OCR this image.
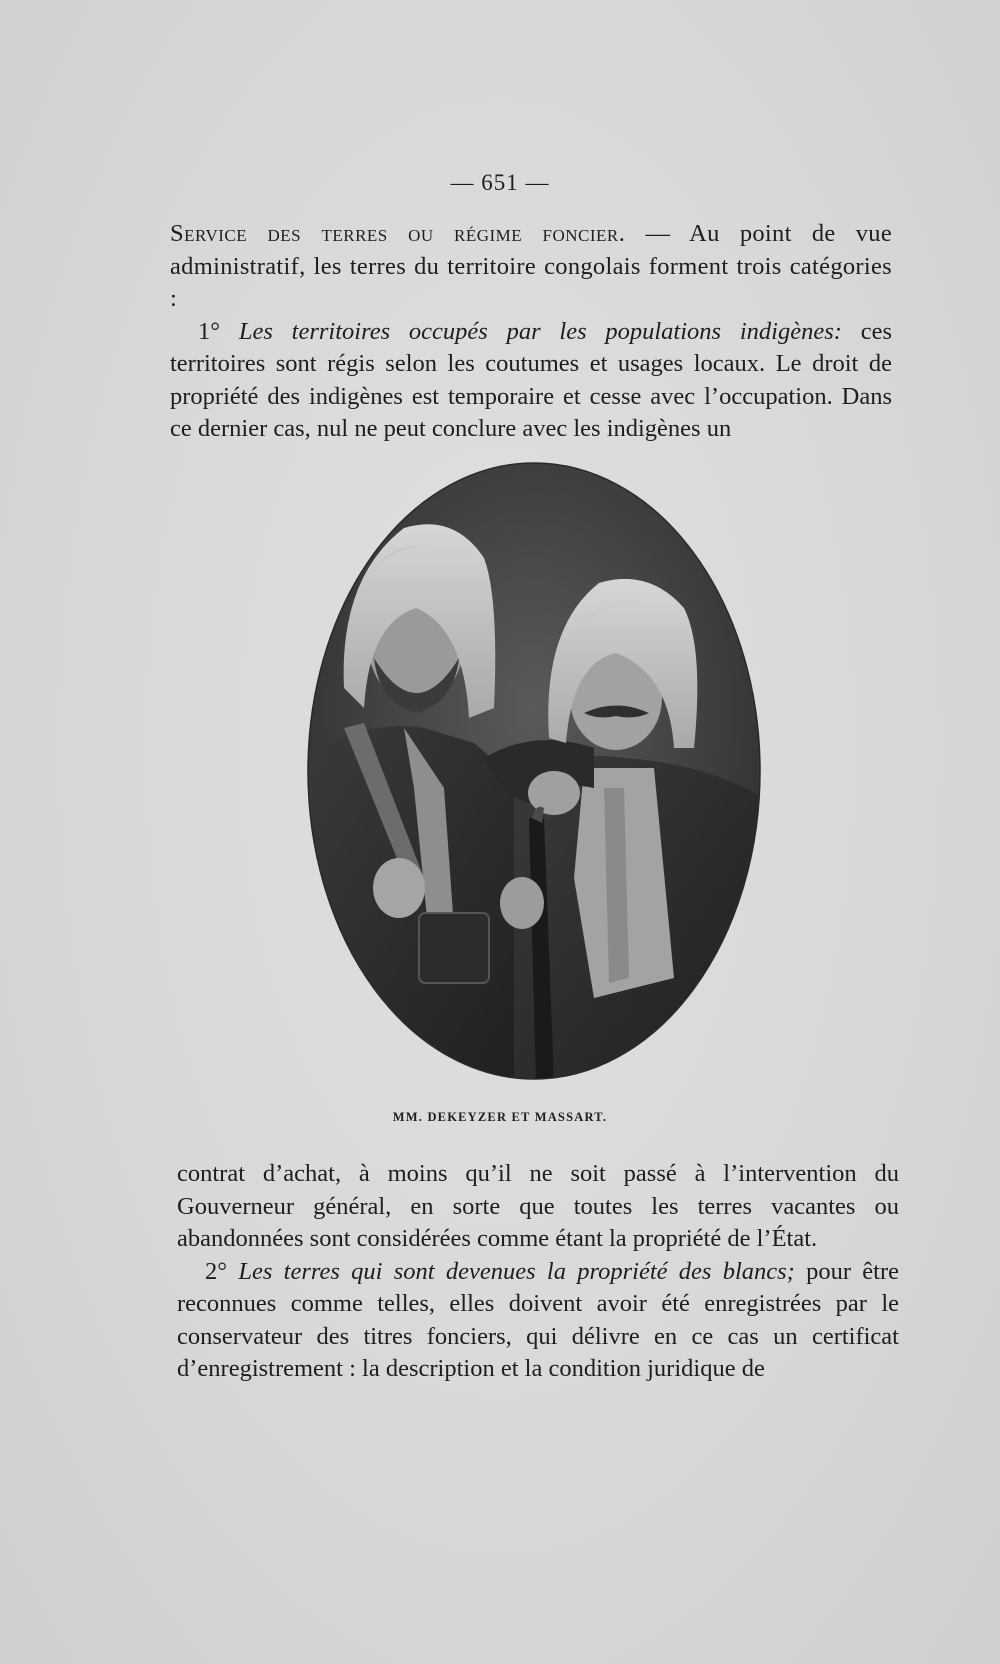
— 651 —

Service des terres ou régime foncier. — Au point de vue administratif, les terres du territoire congolais forment trois catégories :

1° Les territoires occupés par les populations indigènes: ces territoires sont régis selon les coutumes et usages locaux. Le droit de propriété des indigènes est temporaire et cesse avec l’occupation. Dans ce dernier cas, nul ne peut conclure avec les indigènes un

MM. DEKEYZER ET MASSART.

contrat d’achat, à moins qu’il ne soit passé à l’intervention du Gouverneur général, en sorte que toutes les terres vacantes ou abandonnées sont considérées comme étant la propriété de l’État.

2° Les terres qui sont devenues la propriété des blancs; pour être reconnues comme telles, elles doivent avoir été enregistrées par le conservateur des titres fonciers, qui délivre en ce cas un certificat d’enregistrement : la description et la condition juridique de
